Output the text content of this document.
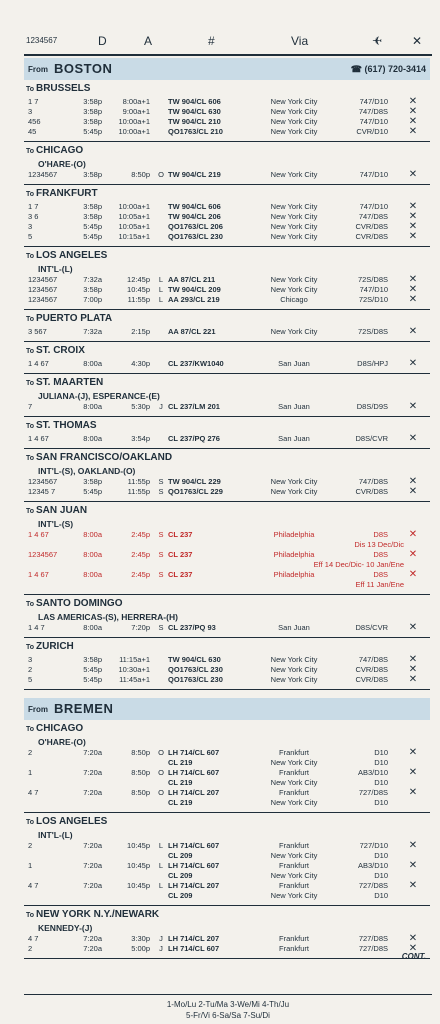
1234567	D	A	#	Via	✈ ✕
From BOSTON	☎ (617) 720-3414
To BRUSSELS
1 7	3:58p	8:00a+1 TW 904/CL 606	New York City	747/D10 ✕
3	3:58p	9:00a+1 TW 904/CL 630	New York City	747/D8S ✕
456	3:58p	10:00a+1 TW 904/CL 210	New York City	747/D10 ✕
45	5:45p	10:00a+1 QO1763/CL 210	New York City	CVR/D10 ✕
To CHICAGO
O'HARE-(O)
1234567	3:58p	8:50p O TW 904/CL 219	New York City	747/D10 ✕
To FRANKFURT
1 7	3:58p	10:00a+1 TW 904/CL 606	New York City	747/D10 ✕
3 6	3:58p	10:05a+1 TW 904/CL 206	New York City	747/D8S ✕
3	5:45p	10:05a+1 QO1763/CL 206	New York City	CVR/D8S ✕
5	5:45p	10:15a+1 QO1763/CL 230	New York City	CVR/D8S ✕
To LOS ANGELES
INT'L-(L)
1234567	7:32a	12:45p	L AA 87/CL 211	New York City	72S/D8S ✕
1234567	3:58p	10:45p	L TW 904/CL 209	New York City	747/D10 ✕
1234567	7:00p	11:55p	L AA 293/CL 219	Chicago	72S/D10 ✕
To PUERTO PLATA
3 567	7:32a	2:15p AA 87/CL 221	New York City	72S/D8S ✕
To ST. CROIX
1 4 67	8:00a	4:30p CL 237/KW1040	San Juan	D8S/HPJ ✕
To ST. MAARTEN
JULIANA-(J), ESPERANCE-(E)
7	8:00a	5:30p	J CL 237/LM 201	San Juan	D8S/D9S ✕
To ST. THOMAS
1 4 67	8:00a	3:54p CL 237/PQ 276	San Juan	D8S/CVR ✕
To SAN FRANCISCO/OAKLAND
INT'L-(S), OAKLAND-(O)
1234567	3:58p	11:55p	S TW 904/CL 229	New York City	747/D8S ✕
12345 7	5:45p	11:55p	S QO1763/CL 229	New York City	CVR/D8S ✕
To SAN JUAN
INT'L-(S)
1 4 67	8:00a	2:45p	S CL 237	Philadelphia	D8S ✕
Dis 13 Dec/Dic
1234567	8:00a	2:45p	S CL 237	Philadelphia	D8S ✕
Eff 14 Dec/Dic- 10 Jan/Ene
1 4 67	8:00a	2:45p	S CL 237	Philadelphia	D8S ✕
Eff 11 Jan/Ene
To SANTO DOMINGO
LAS AMERICAS-(S), HERRERA-(H)
1 4 7	8:00a	7:20p	S CL 237/PQ 93	San Juan	D8S/CVR ✕
To ZURICH
3	3:58p	11:15a+1 TW 904/CL 630	New York City	747/D8S ✕
2	5:45p	10:30a+1 QO1763/CL 230	New York City	CVR/D8S ✕
5	5:45p	11:45a+1 QO1763/CL 230	New York City	CVR/D8S ✕
From BREMEN
To CHICAGO
O'HARE-(O)
2	7:20a	8:50p O LH 714/CL 607	Frankfurt	D10 ✕
CL 219	New York City	D10
1	7:20a	8:50p O LH 714/CL 607	Frankfurt	AB3/D10 ✕
CL 219	New York City	D10
4 7	7:20a	8:50p O LH 714/CL 207	Frankfurt	727/D8S ✕
CL 219	New York City	D10
To LOS ANGELES
INT'L-(L)
2	7:20a	10:45p	L LH 714/CL 607	Frankfurt	727/D10 ✕
CL 209	New York City	D10
1	7:20a	10:45p	L LH 714/CL 607	Frankfurt	AB3/D10 ✕
CL 209	New York City	D10
4 7	7:20a	10:45p	L LH 714/CL 207	Frankfurt	727/D8S ✕
CL 209	New York City	D10
To NEW YORK N.Y./NEWARK
KENNEDY-(J)
4 7	7:20a	3:30p	J LH 714/CL 207	Frankfurt	727/D8S ✕
2	7:20a	5:00p	J LH 714/CL 607	Frankfurt	727/D8S ✕
CONT.
1-Mo/Lu 2-Tu/Ma 3-We/Mi 4-Th/Ju
5-Fr/Vi 6-Sa/Sa 7-Su/Di
